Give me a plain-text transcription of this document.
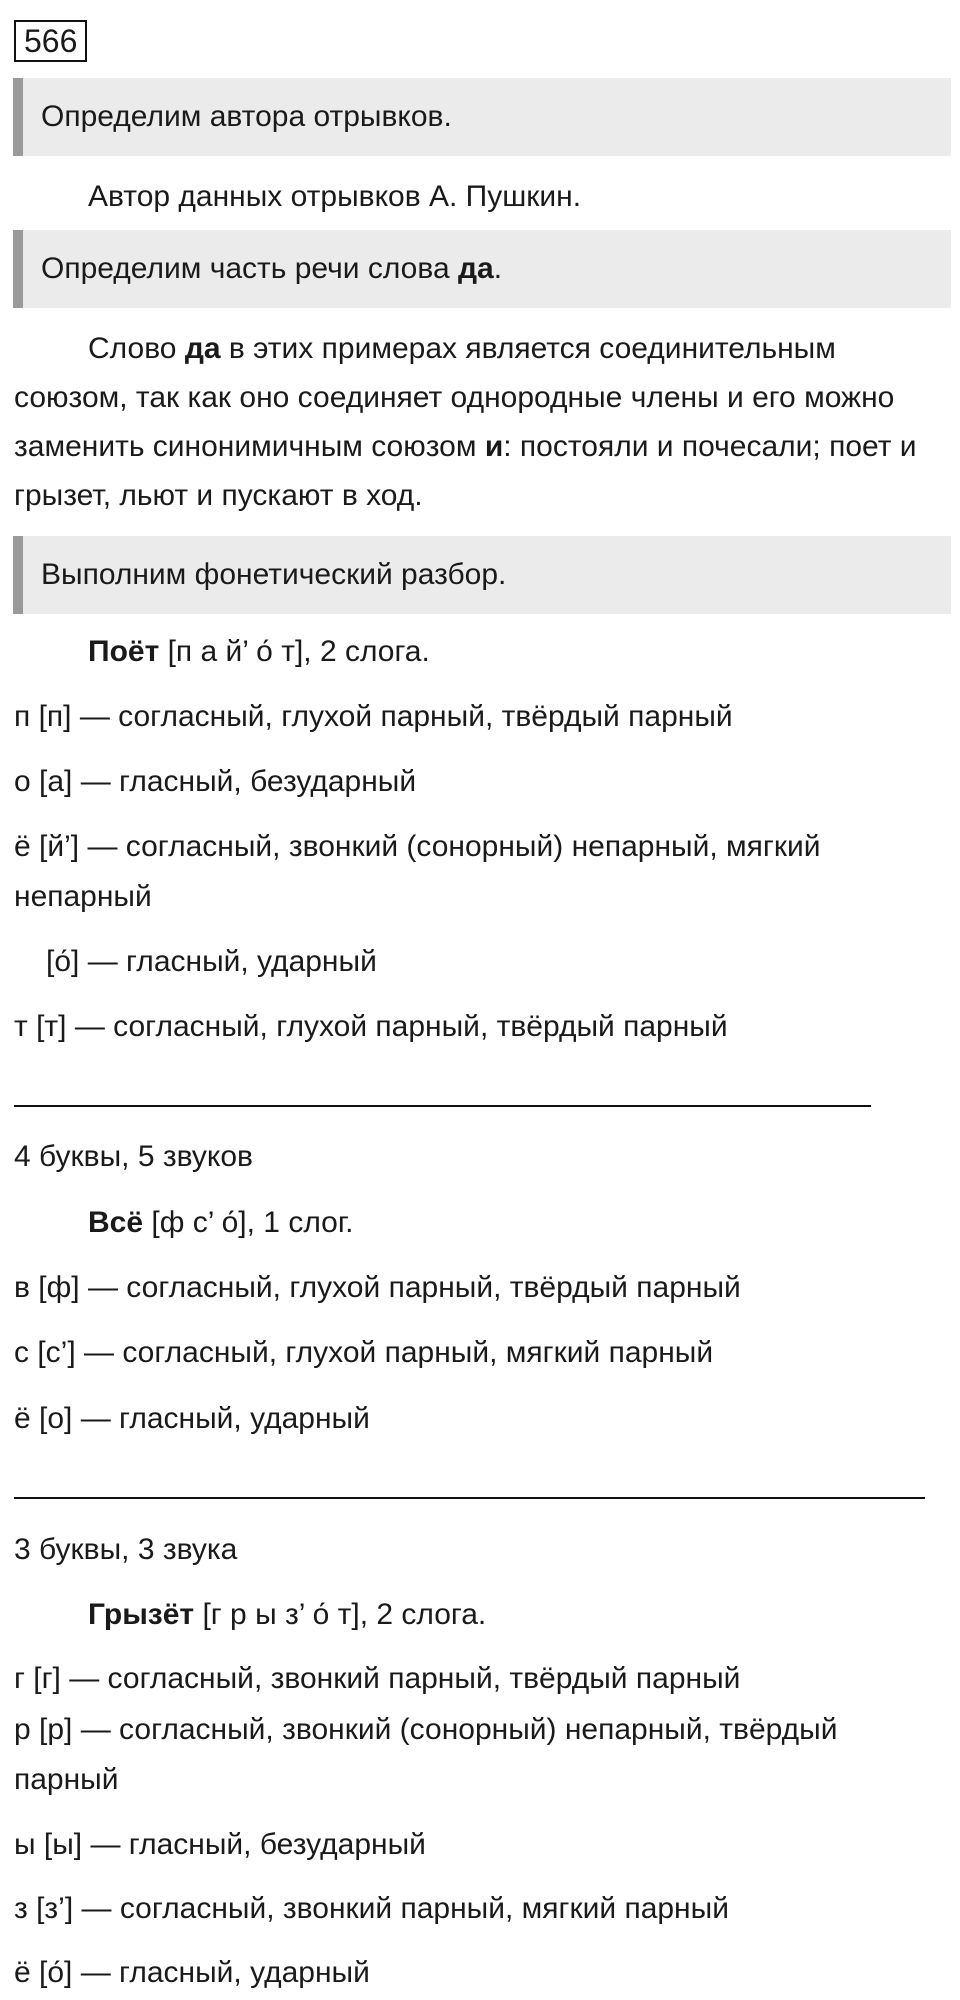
566
Определим автора отрывков.

Автор данных отрывков А. Пушкин.

Определим часть речи слова да.

Слово да в этих примерах является соединительным союзом, так как оно соединяет однородные члены и его можно заменить синонимичным союзом и: постояли и почесали; поет и грызет, льют и пускают в ход.

Выполним фонетический разбор.

Поёт [п а й’ о́ т], 2 слога.

п [п] — согласный, глухой парный, твёрдый парный

о [а] — гласный, безударный

ё [й’] — согласный, звонкий (сонорный) непарный, мягкий непарный

[о́] — гласный, ударный

т [т] — согласный, глухой парный, твёрдый парный

4 буквы, 5 звуков

Всё [ф с’ о́], 1 слог.

в [ф] — согласный, глухой парный, твёрдый парный

с [с’] — согласный, глухой парный, мягкий парный

ё [о] — гласный, ударный

3 буквы, 3 звука

Грызёт [г р ы з’ о́ т], 2 слога.

г [г] — согласный, звонкий парный, твёрдый парный

р [р] — согласный, звонкий (сонорный) непарный, твёрдый парный

ы [ы] — гласный, безударный

з [з’] — согласный, звонкий парный, мягкий парный

ё [о́] — гласный, ударный
